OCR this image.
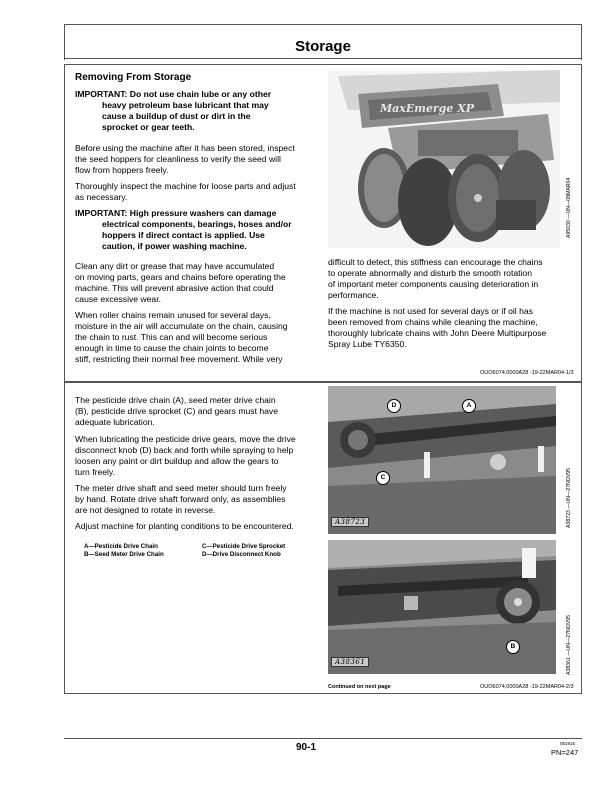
Storage
Removing From Storage
IMPORTANT: Do not use chain lube or any other
heavy petroleum base lubricant that may
cause a buildup of dust or dirt in the
sprocket or gear teeth.
Before using the machine after it has been stored, inspect
the seed hoppers for cleanliness to verify the seed will
flow from hoppers freely.
Thoroughly inspect the machine for loose parts and adjust
as necessary.
IMPORTANT: High pressure washers can damage
electrical components, bearings, hoses and/or
hoppers if direct contact is applied. Use
caution, if power washing machine.
Clean any dirt or grease that may have accumulated
on moving parts, gears and chains before operating the
machine. This will prevent abrasive action that could
cause excessive wear.
When roller chains remain unused for several days,
moisture in the air will accumulate on the chain, causing
the chain to rust. This can and will become serious
enough in time to cause the chain joints to become
stiff, restricting their normal free movement. While very
difficult to detect, this stiffness can encourage the chains
to operate abnormally and disturb the smooth rotation
of important meter components causing deterioration in
performance.
If the machine is not used for several days or if oil has
been removed from chains while cleaning the machine,
thoroughly lubricate chains with John Deere Multipurpose
Spray Lube TY6350.
MaxEmerge XP
A95030 —UN—08MAR04
OUO6074,0000A28 -19-22MAR04-1/3
The pesticide drive chain (A), seed meter drive chain
(B), pesticide drive sprocket (C) and gears must have
adequate lubrication.
When lubricating the pesticide drive gears, move the drive
disconnect knob (D) back and forth while spraying to help
loosen any paint or dirt buildup and allow the gears to
turn freely.
The meter drive shaft and seed meter should turn freely
by hand. Rotate drive shaft forward only, as assemblies
are not designed to rotate in reverse.
Adjust machine for planting conditions to be encountered.
A—Pesticide Drive Chain	C—Pesticide Drive Sprocket
B—Seed Meter Drive Chain	D—Drive Disconnect Knob
D	A
C
A38723	A38723 —UN—27NOV95
B
A38361	A38361 —UN—27NOV95
Continued on next page	OUO6074,0000A28 -19-22MAR04-2/3
90-1	081915
PN=247
